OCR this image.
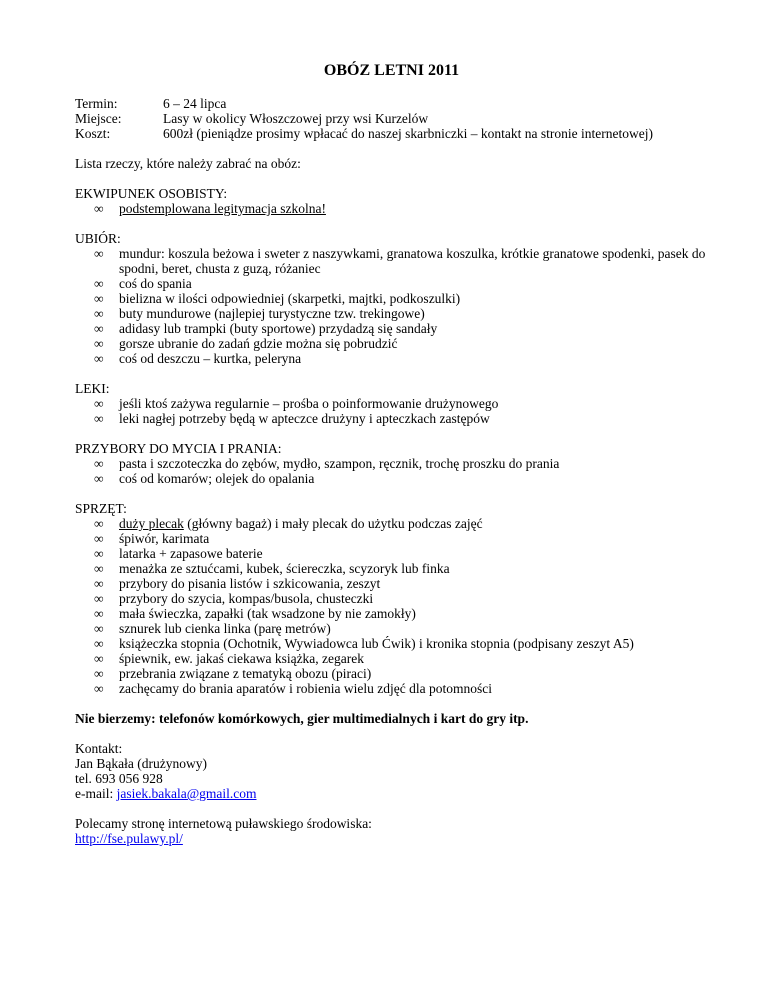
OBÓZ LETNI 2011
Termin:	6 – 24 lipca
Miejsce:	Lasy w okolicy Włoszczowej przy wsi Kurzelów
Koszt:	600zł (pieniądze prosimy wpłacać do naszej skarbniczki – kontakt na stronie internetowej)
Lista rzeczy, które należy zabrać na obóz:
EKWIPUNEK OSOBISTY:
∞	podstemplowana legitymacja szkolna!
UBIÓR:
∞	mundur: koszula beżowa i sweter z naszywkami, granatowa koszulka, krótkie granatowe spodenki, pasek do spodni, beret, chusta z guzą, różaniec
∞	coś do spania
∞	bielizna w ilości odpowiedniej (skarpetki, majtki, podkoszulki)
∞	buty mundurowe (najlepiej turystyczne tzw. trekingowe)
∞	adidasy lub trampki (buty sportowe) przydadzą się sandały
∞	gorsze ubranie do zadań gdzie można się pobrudzić
∞	coś od deszczu – kurtka, peleryna
LEKI:
∞	jeśli ktoś zażywa regularnie – prośba o poinformowanie drużynowego
∞	leki nagłej potrzeby będą w apteczce drużyny i apteczkach zastępów
PRZYBORY DO MYCIA I PRANIA:
∞	pasta i szczoteczka do zębów, mydło, szampon, ręcznik, trochę proszku do prania
∞	coś od komarów; olejek do opalania
SPRZĘT:
∞	duży plecak (główny bagaż) i mały plecak do użytku podczas zajęć
∞	śpiwór, karimata
∞	latarka + zapasowe baterie
∞	menażka ze sztućcami, kubek, ściereczka, scyzoryk lub finka
∞	przybory do pisania listów i szkicowania, zeszyt
∞	przybory do szycia, kompas/busola, chusteczki
∞	mała świeczka, zapałki (tak wsadzone by nie zamokły)
∞	sznurek lub cienka linka (parę metrów)
∞	książeczka stopnia (Ochotnik, Wywiadowca lub Ćwik) i kronika stopnia (podpisany zeszyt A5)
∞	śpiewnik, ew. jakaś ciekawa książka, zegarek
∞	przebrania związane z tematyką obozu (piraci)
∞	zachęcamy do brania aparatów i robienia wielu zdjęć dla potomności
Nie bierzemy: telefonów komórkowych, gier multimedialnych i kart do gry itp.
Kontakt:
Jan Bąkała (drużynowy)
tel. 693 056 928
e-mail: jasiek.bakala@gmail.com
Polecamy stronę internetową puławskiego środowiska:
http://fse.pulawy.pl/
